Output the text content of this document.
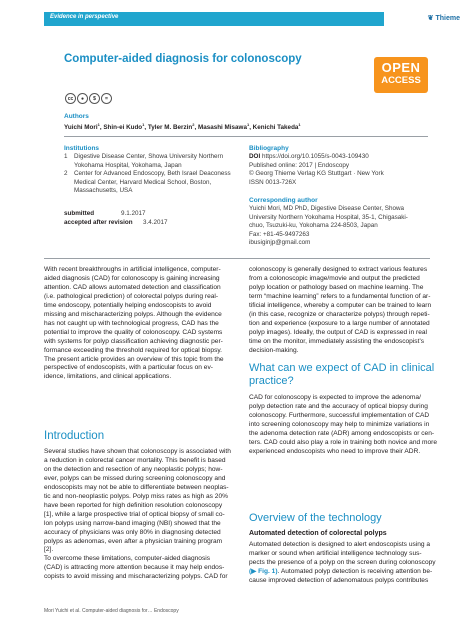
Evidence in perspective	❦ Thieme
Computer-aided diagnosis for colonoscopy
OPEN
ACCESS
cc	●	$	=
Authors
Yuichi Mori$^1$, Shin-ei Kudo$^1$, Tyler M. Berzin$^2$, Masashi Misawa$^1$, Kenichi Takeda$^1$
Institutions
1 Digestive Disease Center, Showa University Northern
Yokohama Hospital, Yokohama, Japan
2 Center for Advanced Endoscopy, Beth Israel Deaconess
Medical Center, Harvard Medical School, Boston,
Massachusetts, USA
submitted	9.1.2017
accepted after revision 3.4.2017
Bibliography
DOI https://doi.org/10.1055/s-0043-109430
Published online: 2017 | Endoscopy
© Georg Thieme Verlag KG Stuttgart · New York
ISSN 0013-726X
Corresponding author
Yuichi Mori, MD PhD, Digestive Disease Center, Showa
University Northern Yokohama Hospital, 35-1, Chigasaki-
chuo, Tsuzuki-ku, Yokohama 224-8503, Japan
Fax: +81-45-9497263
ibusiginjp@gmail.com

With recent breakthroughs in artificial intelligence, computer-

aided diagnosis (CAD) for colonoscopy is gaining increasing

attention. CAD allows automated detection and classification

(i.e. pathological prediction) of colorectal polyps during real-

time endoscopy, potentially helping endoscopists to avoid

missing and mischaracterizing polyps. Although the evidence

has not caught up with technological progress, CAD has the

potential to improve the quality of colonoscopy. CAD systems

with systems for polyp classification achieving diagnostic per-

formance exceeding the threshold required for optical biopsy.

The present article provides an overview of this topic from the

perspective of endoscopists, with a particular focus on ev-

idence, limitations, and clinical applications.

Introduction

Several studies have shown that colonoscopy is associated with

a reduction in colorectal cancer mortality. This benefit is based

on the detection and resection of any neoplastic polyps; how-

ever, polyps can be missed during screening colonoscopy and

endoscopists may not be able to differentiate between neoplas-

tic and non-neoplastic polyps. Polyp miss rates as high as 20%

have been reported for high definition resolution colonoscopy

[1], while a large prospective trial of optical biopsy of small co-

lon polyps using narrow-band imaging (NBI) showed that the

accuracy of physicians was only 80% in diagnosing detected

polyps as adenomas, even after a physician training program

[2].

To overcome these limitations, computer-aided diagnosis

(CAD) is attracting more attention because it may help endos-

copists to avoid missing and mischaracterizing polyps. CAD for

colonoscopy is generally designed to extract various features

from a colonoscopic image/movie and output the predicted

polyp location or pathology based on machine learning. The

term “machine learning” refers to a fundamental function of ar-

tificial intelligence, whereby a computer can be trained to learn

(in this case, recognize or characterize polyps) through repeti-

tion and experience (exposure to a large number of annotated

polyp images). Ideally, the output of CAD is expressed in real

time on the monitor, immediately assisting the endoscopist’s

decision-making.

What can we expect of CAD in clinical
practice?

CAD for colonoscopy is expected to improve the adenoma/

polyp detection rate and the accuracy of optical biopsy during

colonoscopy. Furthermore, successful implementation of CAD

into screening colonoscopy may help to minimize variations in

the adenoma detection rate (ADR) among endoscopists or cen-

ters. CAD could also play a role in training both novice and more

experienced endoscopists who need to improve their ADR.

Overview of the technology
Automated detection of colorectal polyps

Automated detection is designed to alert endoscopists using a

marker or sound when artificial intelligence technology sus-

pects the presence of a polyp on the screen during colonoscopy

(▶ Fig. 1). Automated polyp detection is receiving attention be-

cause improved detection of adenomatous polyps contributes

Mori Yuichi et al. Computer-aided diagnosis for… Endoscopy
